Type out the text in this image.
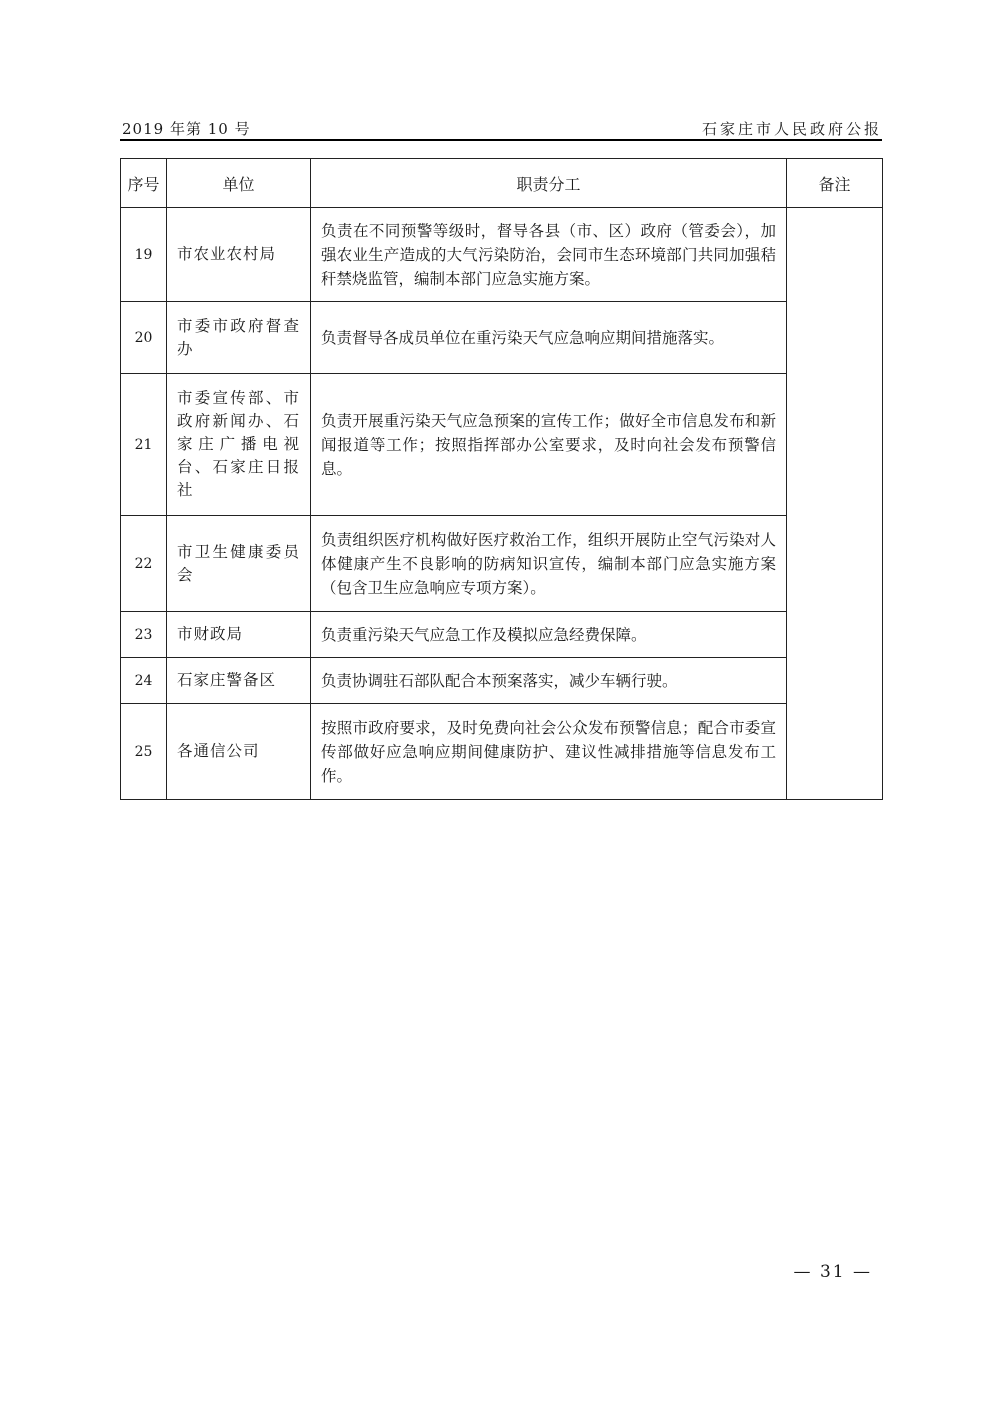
2019 年第 10 号	石家庄市人民政府公报
序号	单位	职责分工	备注
19	市农业农村局	负责在不同预警等级时，督导各县（市、区）政府（管委会），加强农业生产造成的大气污染防治，会同市生态环境部门共同加强秸秆禁烧监管，编制本部门应急实施方案。	
20	市委市政府督查办	负责督导各成员单位在重污染天气应急响应期间措施落实。	
21	市委宣传部、市政府新闻办、石家庄广播电视台、石家庄日报社	负责开展重污染天气应急预案的宣传工作；做好全市信息发布和新闻报道等工作；按照指挥部办公室要求，及时向社会发布预警信息。	
22	市卫生健康委员会	负责组织医疗机构做好医疗救治工作，组织开展防止空气污染对人体健康产生不良影响的防病知识宣传，编制本部门应急实施方案（包含卫生应急响应专项方案）。	
23	市财政局	负责重污染天气应急工作及模拟应急经费保障。	
24	石家庄警备区	负责协调驻石部队配合本预案落实，减少车辆行驶。	
25	各通信公司	按照市政府要求，及时免费向社会公众发布预警信息；配合市委宣传部做好应急响应期间健康防护、建议性减排措施等信息发布工作。	
— 31 —
